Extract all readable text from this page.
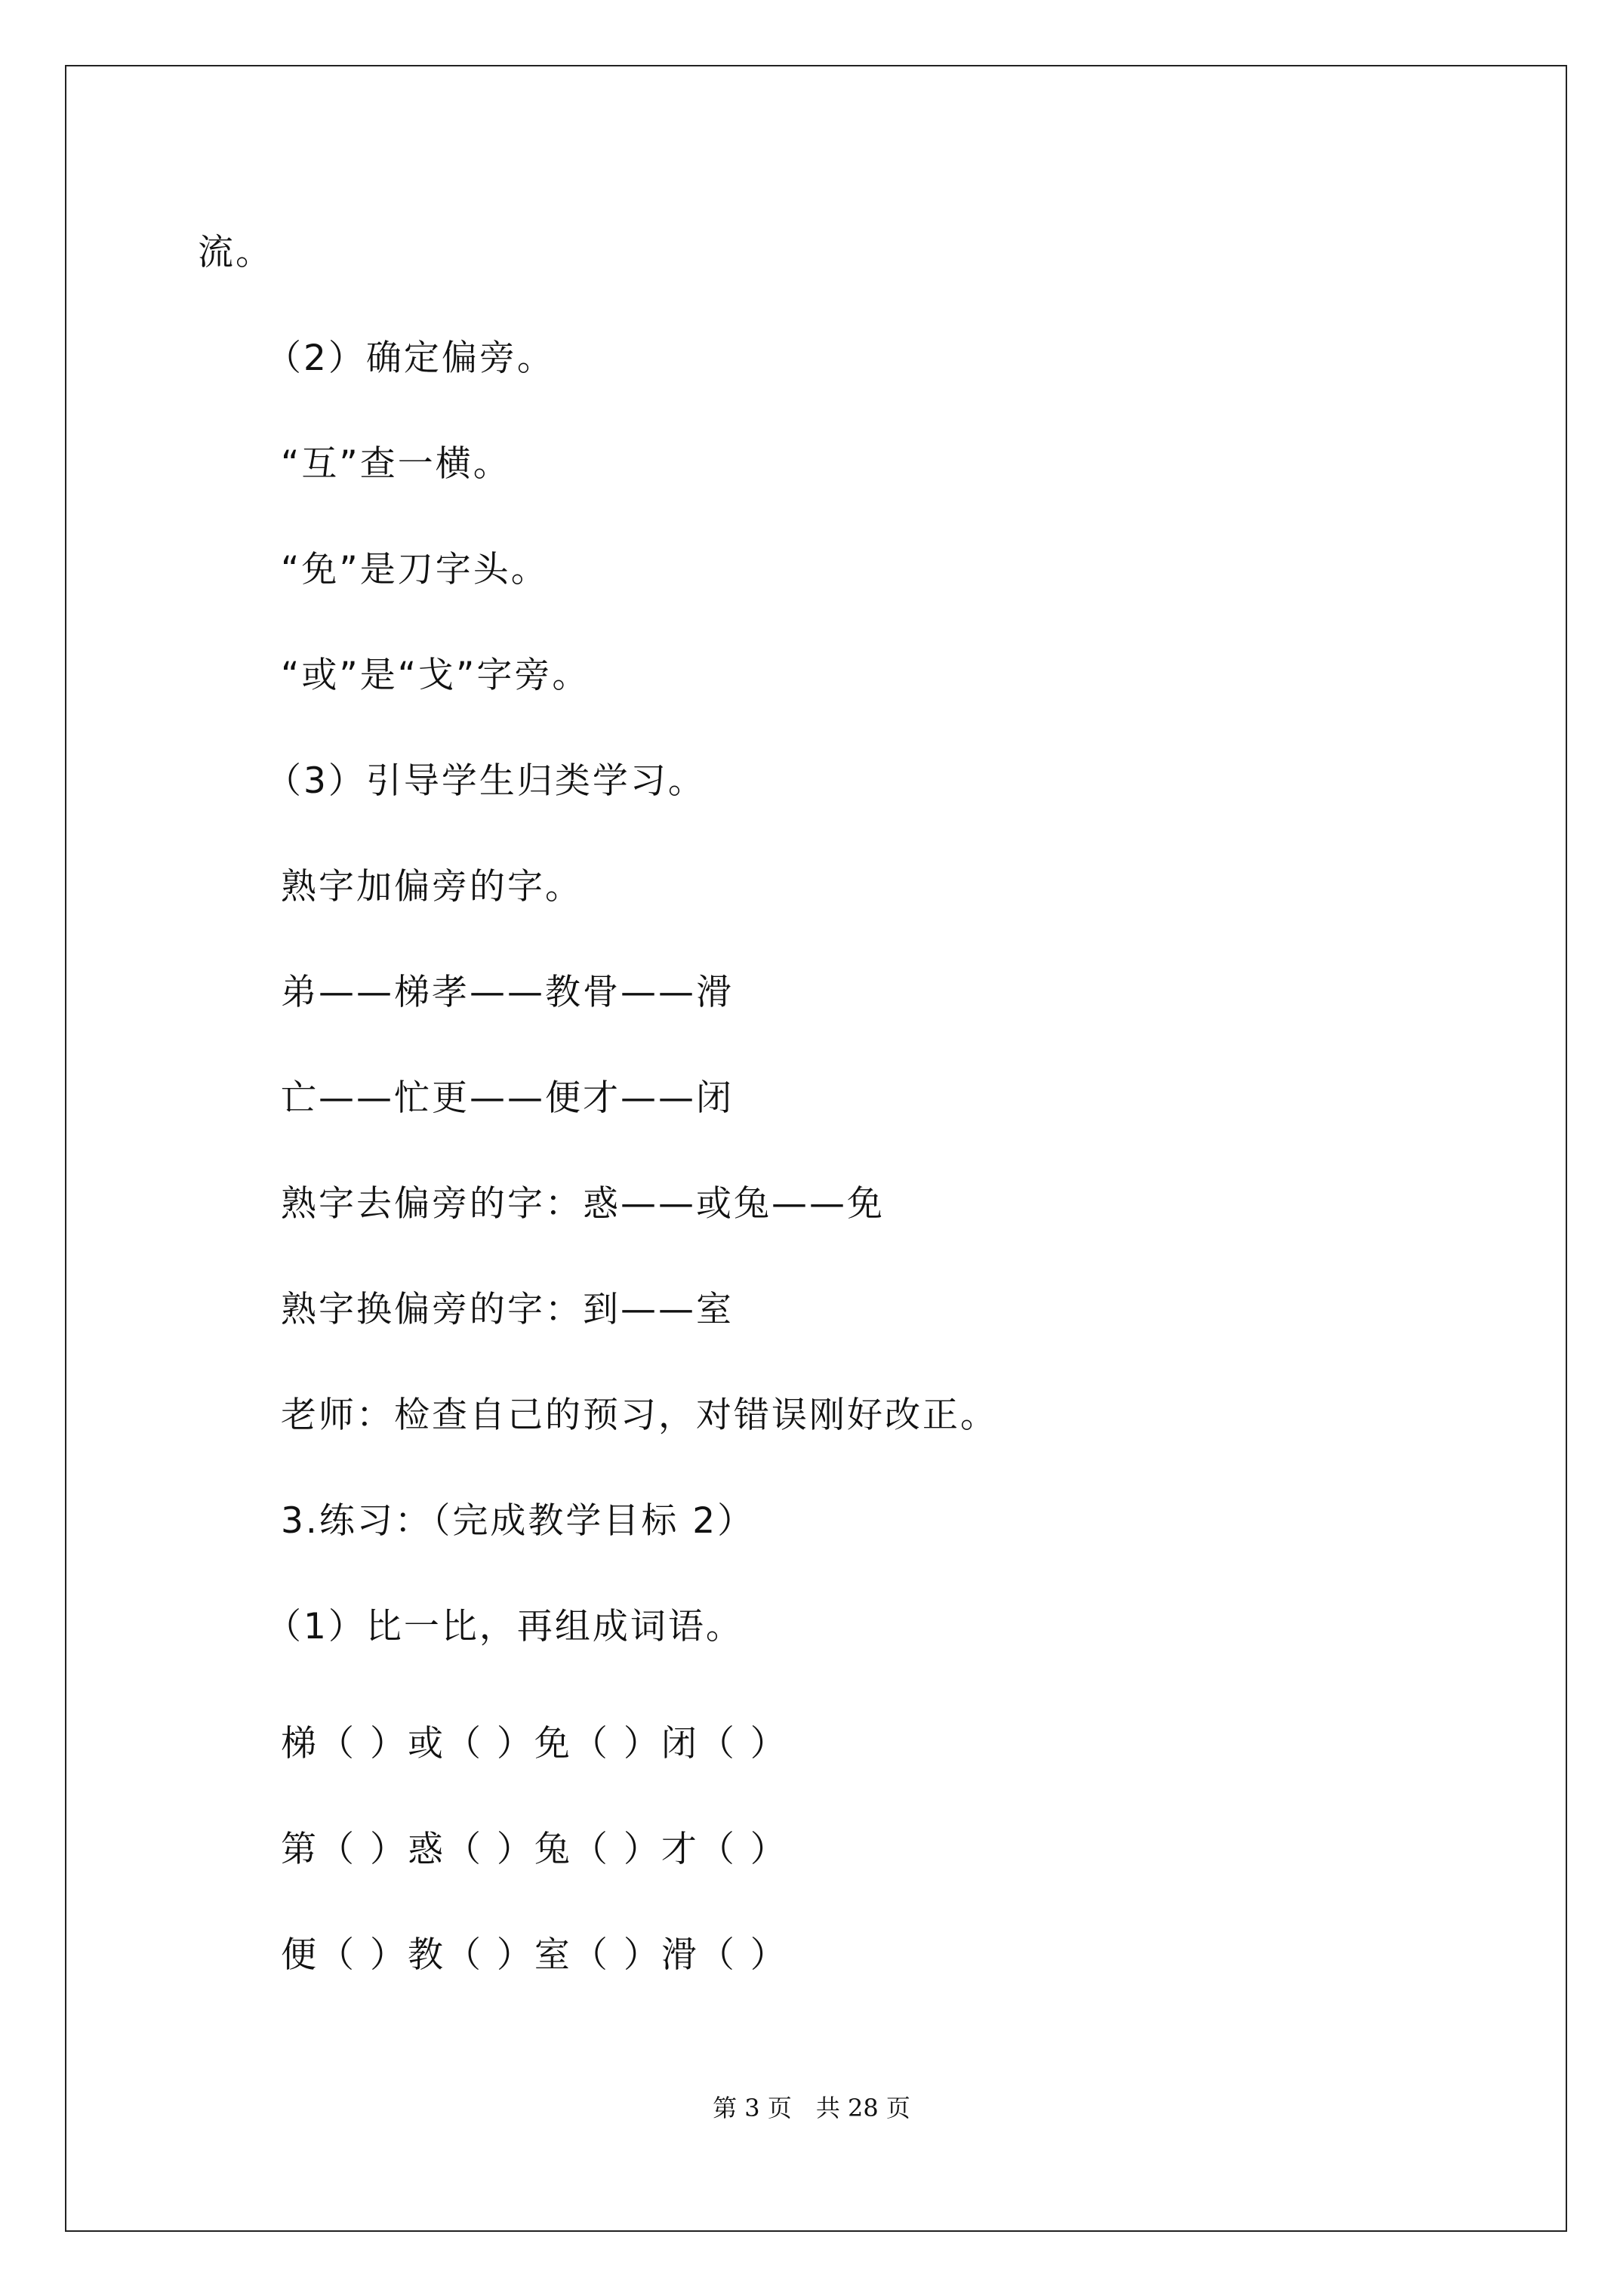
流。
（2）确定偏旁。
“互”查一横。
“免”是刀字头。
“或”是“戈”字旁。
（3）引导学生归类学习。
熟字加偏旁的字。
弟——梯孝——教骨——滑
亡——忙更——便才——闭
熟字去偏旁的字：惑——或兔——免
熟字换偏旁的字：到——室
老师：检查自己的预习，对错误刚好改正。
3.练习：（完成教学目标 2）
（1）比一比，再组成词语。
梯（ ）或（ ）免（ ）闭（ ）
第（ ）惑（ ）兔（ ）才（ ）
便（ ）教（ ）室（ ）滑（ ）
第 3 页　共 28 页
